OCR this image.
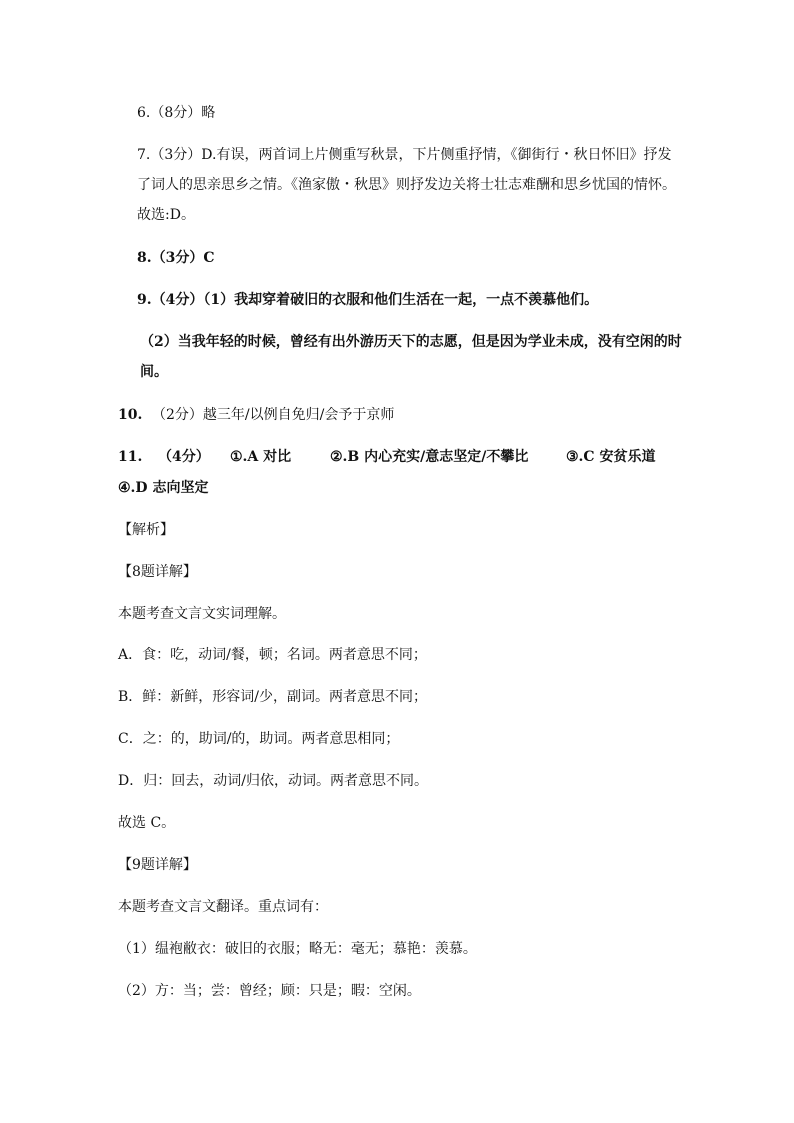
6.（8分）略
7.（3分）D.有误，两首词上片侧重写秋景，下片侧重抒情，《御街行・秋日怀旧》抒发
了词人的思亲思乡之情。《渔家傲・秋思》则抒发边关将士壮志难酬和思乡忧国的情怀。
故选:D。
8.（3分）C
9.（4分）（1）我却穿着破旧的衣服和他们生活在一起，一点不羡慕他们。
（2）当我年轻的时候，曾经有出外游历天下的志愿，但是因为学业未成，没有空闲的时
间。
10. （2分）越三年/以例自免归/会予于京师
11. （4分） ①.A 对比	②.B 内心充实/意志坚定/不攀比	③.C 安贫乐道
④.D 志向坚定
【解析】
【8题详解】
本题考查文言文实词理解。
A．食：吃，动词/餐，顿；名词。两者意思不同；
B．鲜：新鲜，形容词/少，副词。两者意思不同；
C．之：的，助词/的，助词。两者意思相同；
D．归：回去，动词/归依，动词。两者意思不同。
故选 C。
【9题详解】
本题考查文言文翻译。重点词有：
（1）缊袍敝衣：破旧的衣服；略无：毫无；慕艳：羡慕。
（2）方：当；尝：曾经；顾：只是；暇：空闲。
